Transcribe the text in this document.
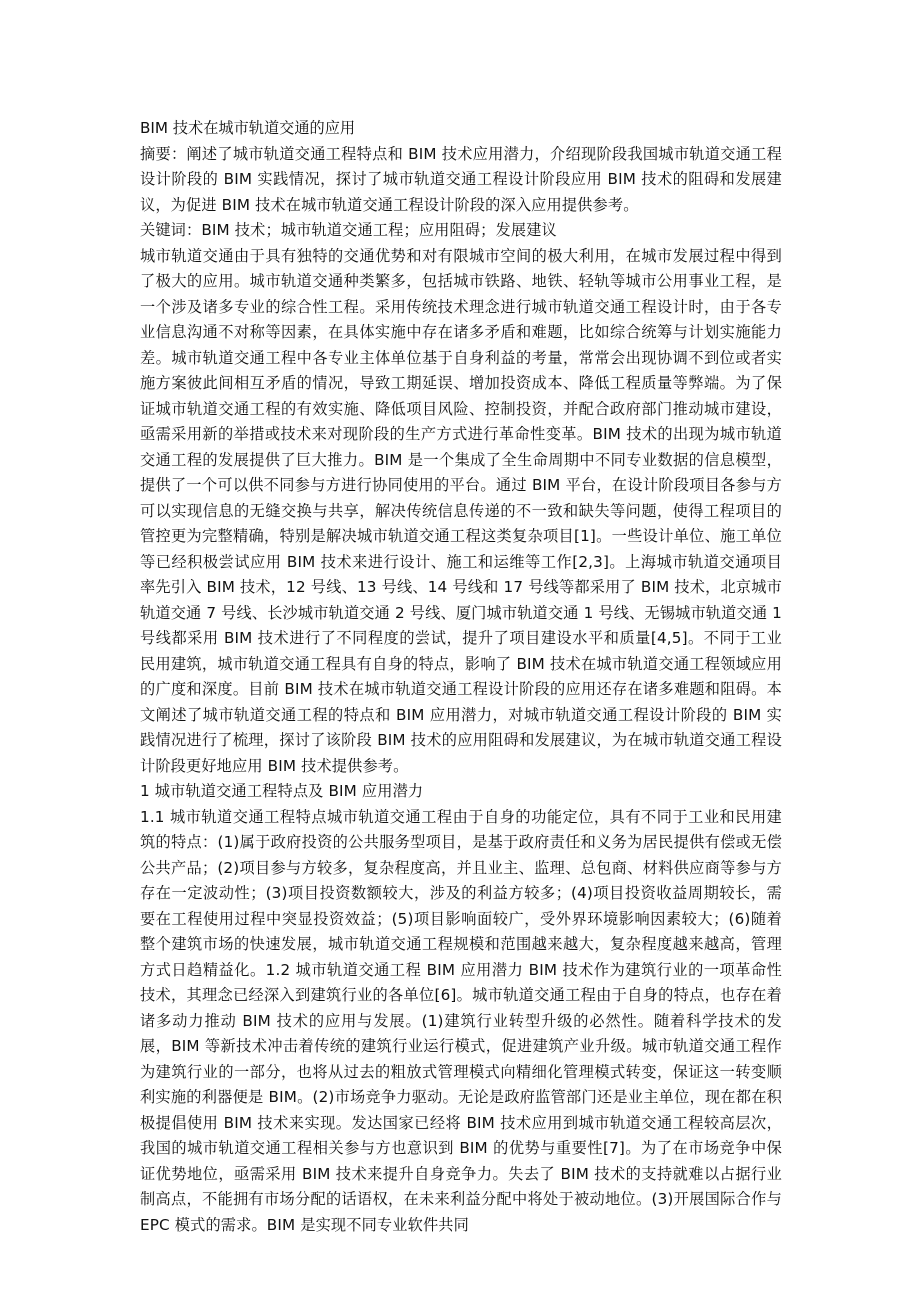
BIM 技术在城市轨道交通的应用

摘要：阐述了城市轨道交通工程特点和 BIM 技术应用潜力，介绍现阶段我国城市轨道交通工程设计阶段的 BIM 实践情况，探讨了城市轨道交通工程设计阶段应用 BIM 技术的阻碍和发展建议，为促进 BIM 技术在城市轨道交通工程设计阶段的深入应用提供参考。

关键词：BIM 技术；城市轨道交通工程；应用阻碍；发展建议

城市轨道交通由于具有独特的交通优势和对有限城市空间的极大利用，在城市发展过程中得到了极大的应用。城市轨道交通种类繁多，包括城市铁路、地铁、轻轨等城市公用事业工程，是一个涉及诸多专业的综合性工程。采用传统技术理念进行城市轨道交通工程设计时，由于各专业信息沟通不对称等因素，在具体实施中存在诸多矛盾和难题，比如综合统筹与计划实施能力差。城市轨道交通工程中各专业主体单位基于自身利益的考量，常常会出现协调不到位或者实施方案彼此间相互矛盾的情况，导致工期延误、增加投资成本、降低工程质量等弊端。为了保证城市轨道交通工程的有效实施、降低项目风险、控制投资，并配合政府部门推动城市建设，亟需采用新的举措或技术来对现阶段的生产方式进行革命性变革。BIM 技术的出现为城市轨道交通工程的发展提供了巨大推力。BIM 是一个集成了全生命周期中不同专业数据的信息模型，提供了一个可以供不同参与方进行协同使用的平台。通过 BIM 平台，在设计阶段项目各参与方可以实现信息的无缝交换与共享，解决传统信息传递的不一致和缺失等问题，使得工程项目的管控更为完整精确，特别是解决城市轨道交通工程这类复杂项目[1]。一些设计单位、施工单位等已经积极尝试应用 BIM 技术来进行设计、施工和运维等工作[2,3]。上海城市轨道交通项目率先引入 BIM 技术，12 号线、13 号线、14 号线和 17 号线等都采用了 BIM 技术，北京城市轨道交通 7 号线、长沙城市轨道交通 2 号线、厦门城市轨道交通 1 号线、无锡城市轨道交通 1 号线都采用 BIM 技术进行了不同程度的尝试，提升了项目建设水平和质量[4,5]。不同于工业民用建筑，城市轨道交通工程具有自身的特点，影响了 BIM 技术在城市轨道交通工程领域应用的广度和深度。目前 BIM 技术在城市轨道交通工程设计阶段的应用还存在诸多难题和阻碍。本文阐述了城市轨道交通工程的特点和 BIM 应用潜力，对城市轨道交通工程设计阶段的 BIM 实践情况进行了梳理，探讨了该阶段 BIM 技术的应用阻碍和发展建议，为在城市轨道交通工程设计阶段更好地应用 BIM 技术提供参考。

1 城市轨道交通工程特点及 BIM 应用潜力

1.1 城市轨道交通工程特点城市轨道交通工程由于自身的功能定位，具有不同于工业和民用建筑的特点：(1)属于政府投资的公共服务型项目，是基于政府责任和义务为居民提供有偿或无偿公共产品；(2)项目参与方较多，复杂程度高，并且业主、监理、总包商、材料供应商等参与方存在一定波动性；(3)项目投资数额较大，涉及的利益方较多；(4)项目投资收益周期较长，需要在工程使用过程中突显投资效益；(5)项目影响面较广，受外界环境影响因素较大；(6)随着整个建筑市场的快速发展，城市轨道交通工程规模和范围越来越大，复杂程度越来越高，管理方式日趋精益化。1.2 城市轨道交通工程 BIM 应用潜力 BIM 技术作为建筑行业的一项革命性技术，其理念已经深入到建筑行业的各单位[6]。城市轨道交通工程由于自身的特点，也存在着诸多动力推动 BIM 技术的应用与发展。(1)建筑行业转型升级的必然性。随着科学技术的发展，BIM 等新技术冲击着传统的建筑行业运行模式，促进建筑产业升级。城市轨道交通工程作为建筑行业的一部分，也将从过去的粗放式管理模式向精细化管理模式转变，保证这一转变顺利实施的利器便是 BIM。(2)市场竞争力驱动。无论是政府监管部门还是业主单位，现在都在积极提倡使用 BIM 技术来实现。发达国家已经将 BIM 技术应用到城市轨道交通工程较高层次，我国的城市轨道交通工程相关参与方也意识到 BIM 的优势与重要性[7]。为了在市场竞争中保证优势地位，亟需采用 BIM 技术来提升自身竞争力。失去了 BIM 技术的支持就难以占据行业制高点，不能拥有市场分配的话语权，在未来利益分配中将处于被动地位。(3)开展国际合作与 EPC 模式的需求。BIM 是实现不同专业软件共同
